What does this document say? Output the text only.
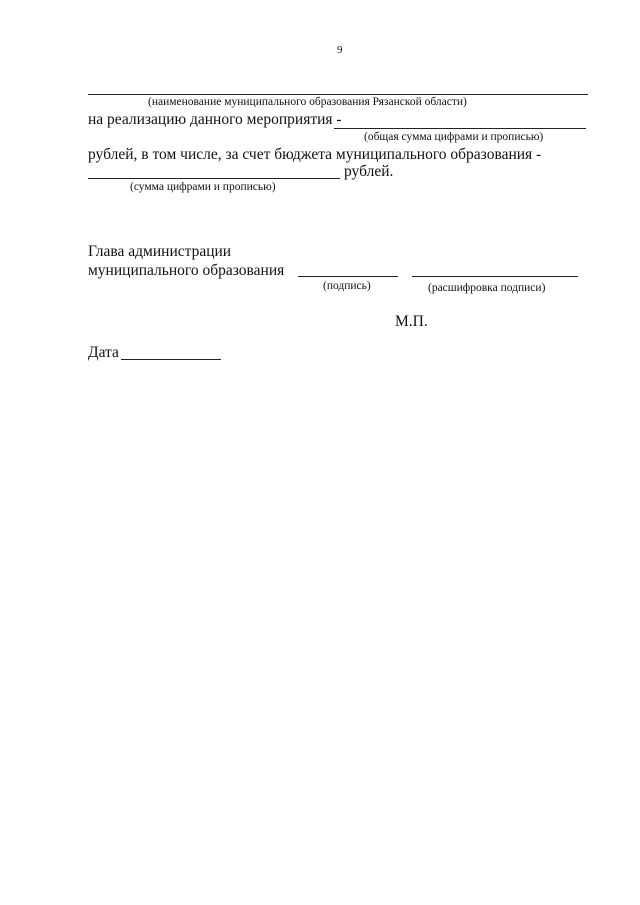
9
(наименование муниципального образования Рязанской области)
на реализацию данного мероприятия -
(общая сумма цифрами и прописью)
рублей, в том числе, за счет бюджета муниципального образования -
рублей.
(сумма цифрами и прописью)
Глава администрации
муниципального образования
(подпись)	(расшифровка подписи)
М.П.
Дата
